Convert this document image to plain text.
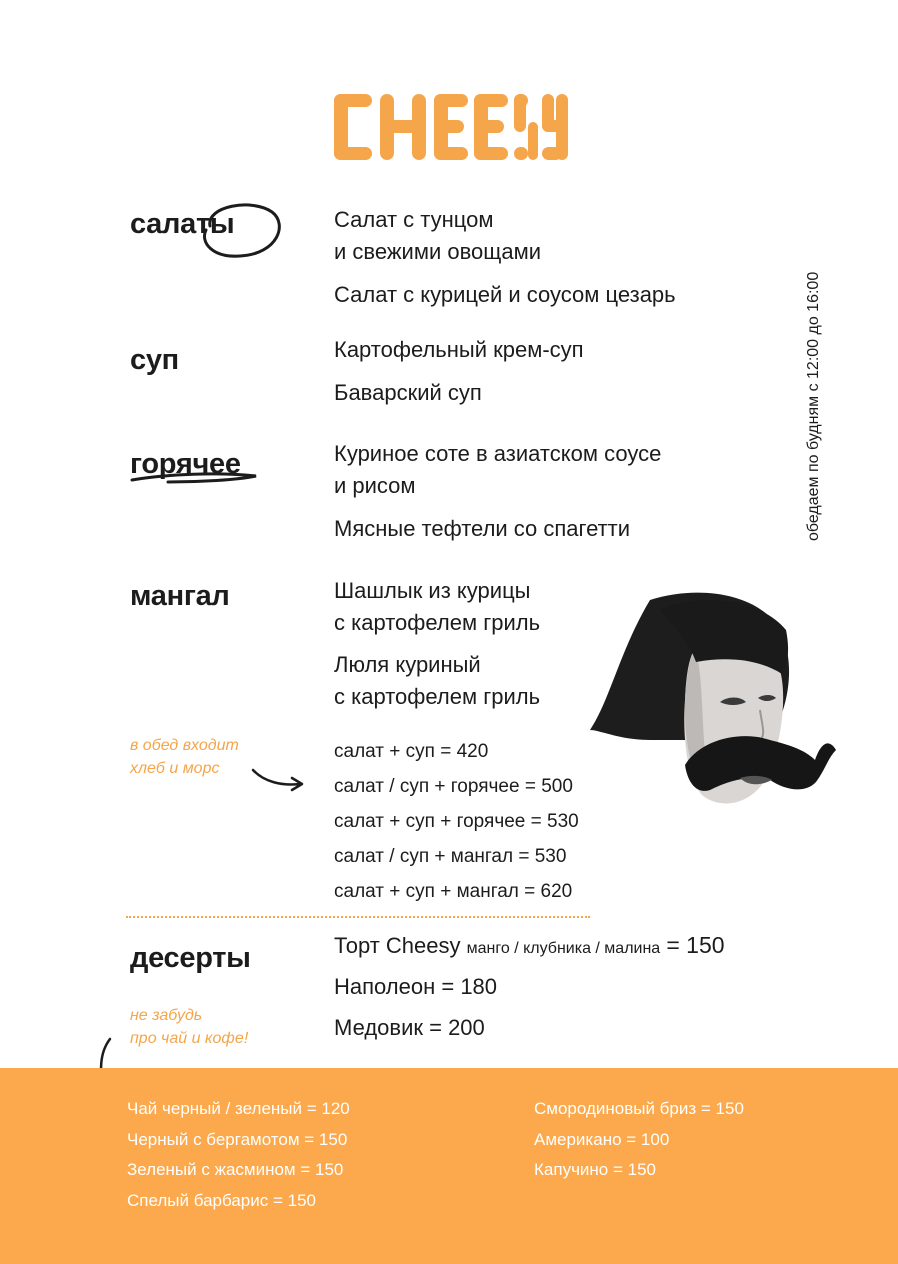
обедаем по будням с 12:00 до 16:00
салаты	Салат с тунцом
и свежими овощами
Салат с курицей и соусом цезарь
суп	Картофельный крем-суп
Баварский суп
горячее	Куриное соте в азиатском соусе
и рисом
Мясные тефтели со спагетти
мангал	Шашлык из курицы
с картофелем гриль
Люля куриный
с картофелем гриль
в обед входит
хлеб и морс
салат + суп = 420
салат / суп + горячее = 500
салат + суп + горячее = 530
салат / суп + мангал = 530
салат + суп + мангал = 620
десерты	Торт Cheesy манго / клубника / малина = 150
Наполеон = 180
Медовик = 200
не забудь
про чай и кофе!
Чай черный / зеленый = 120
Черный с бергамотом = 150
Зеленый с жасмином = 150
Спелый барбарис = 150
Смородиновый бриз = 150
Американо = 100
Капучино = 150
